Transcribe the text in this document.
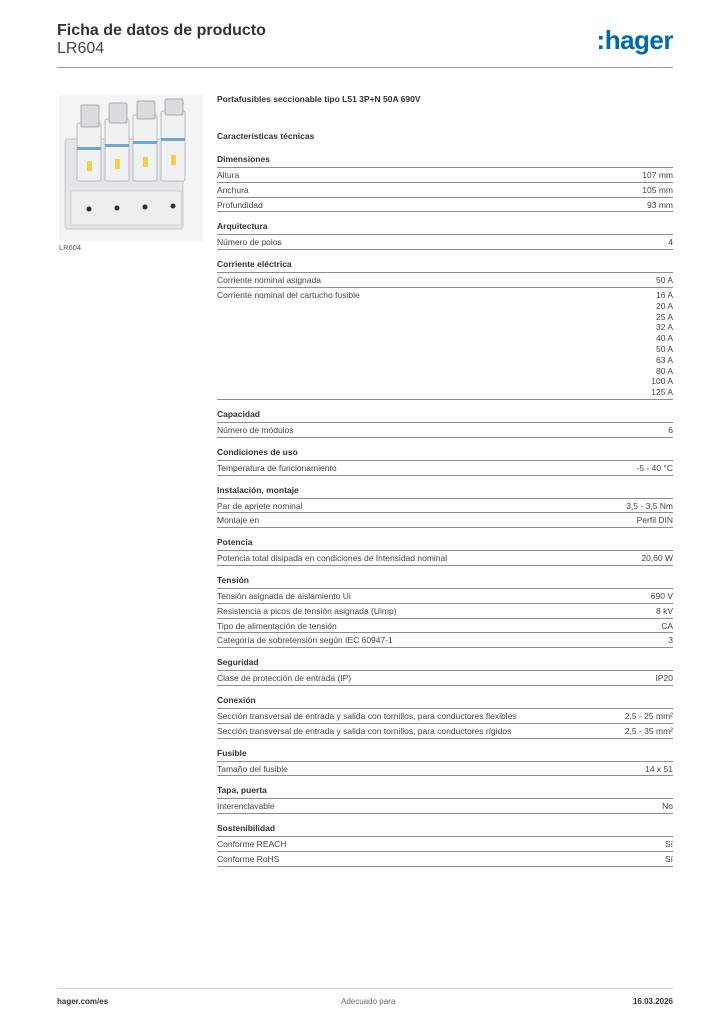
Ficha de datos de producto
LR604	:hager
LR604
Portafusibles seccionable tipo L51 3P+N 50A 690V
Características técnicas
Dimensiones
Altura	107 mm
Anchura	105 mm
Profundidad	93 mm
Arquitectura
Número de polos	4
Corriente eléctrica
Corriente nominal asignada	50 A
Corriente nominal del cartucho fusible	16 A
20 A
25 A
32 A
40 A
50 A
63 A
80 A
100 A
125 A
Capacidad
Número de módulos	6
Condiciones de uso
Temperatura de funcionamiento	-5 - 40 °C
Instalación, montaje
Par de apriete nominal	3,5 - 3,5 Nm
Montaje en	Perfil DIN
Potencia
Potencia total disipada en condiciones de Intensidad nominal	20,60 W
Tensión
Tensión asignada de aislamiento Ui	690 V
Resistencia a picos de tensión asignada (Uimp)	8 kV
Tipo de alimentación de tensión	CA
Categoría de sobretensión según IEC 60947-1	3
Seguridad
Clase de protección de entrada (IP)	IP20
Conexión
Sección transversal de entrada y salida con tornillos, para conductores flexibles	2,5 - 25 mm²
Sección transversal de entrada y salida con tornillos, para conductores rígidos	2,5 - 35 mm²
Fusible
Tamaño del fusible	14 x 51
Tapa, puerta
Interenclavable	No
Sostenibilidad
Conforme REACH	Sí
Conforme RoHS	Sí
hager.com/es	Adecuado para	16.03.2026
